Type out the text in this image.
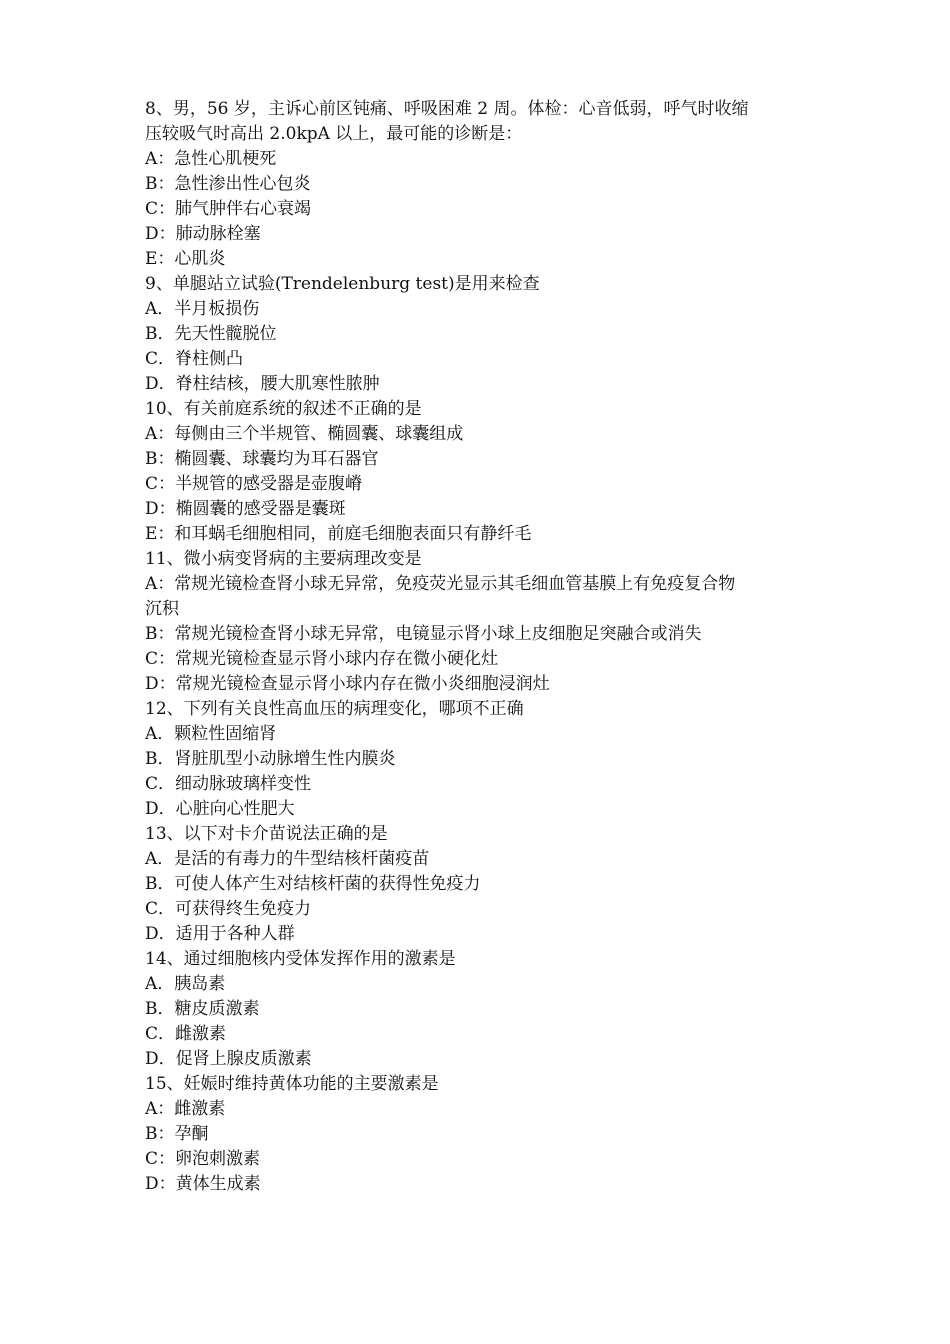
8、男，56 岁，主诉心前区钝痛、呼吸困难 2 周。体检：心音低弱，呼气时收缩
压较吸气时高出 2.0kpA 以上，最可能的诊断是：
A：急性心肌梗死
B：急性渗出性心包炎
C：肺气肿伴右心衰竭
D：肺动脉栓塞
E：心肌炎
9、单腿站立试验(Trendelenburg test)是用来检查
A．半月板损伤
B．先天性髋脱位
C．脊柱侧凸
D．脊柱结核，腰大肌寒性脓肿
10、有关前庭系统的叙述不正确的是
A：每侧由三个半规管、椭圆囊、球囊组成
B：椭圆囊、球囊均为耳石器官
C：半规管的感受器是壶腹嵴
D：椭圆囊的感受器是囊斑
E：和耳蜗毛细胞相同，前庭毛细胞表面只有静纤毛
11、微小病变肾病的主要病理改变是
A：常规光镜检查肾小球无异常，免疫荧光显示其毛细血管基膜上有免疫复合物
沉积
B：常规光镜检查肾小球无异常，电镜显示肾小球上皮细胞足突融合或消失
C：常规光镜检查显示肾小球内存在微小硬化灶
D：常规光镜检查显示肾小球内存在微小炎细胞浸润灶
12、下列有关良性高血压的病理变化，哪项不正确
A．颗粒性固缩肾
B．肾脏肌型小动脉增生性内膜炎
C．细动脉玻璃样变性
D．心脏向心性肥大
13、以下对卡介苗说法正确的是
A．是活的有毒力的牛型结核杆菌疫苗
B．可使人体产生对结核杆菌的获得性免疫力
C．可获得终生免疫力
D．适用于各种人群
14、通过细胞核内受体发挥作用的激素是
A．胰岛素
B．糖皮质激素
C．雌激素
D．促肾上腺皮质激素
15、妊娠时维持黄体功能的主要激素是
A：雌激素
B：孕酮
C：卵泡刺激素
D：黄体生成素
